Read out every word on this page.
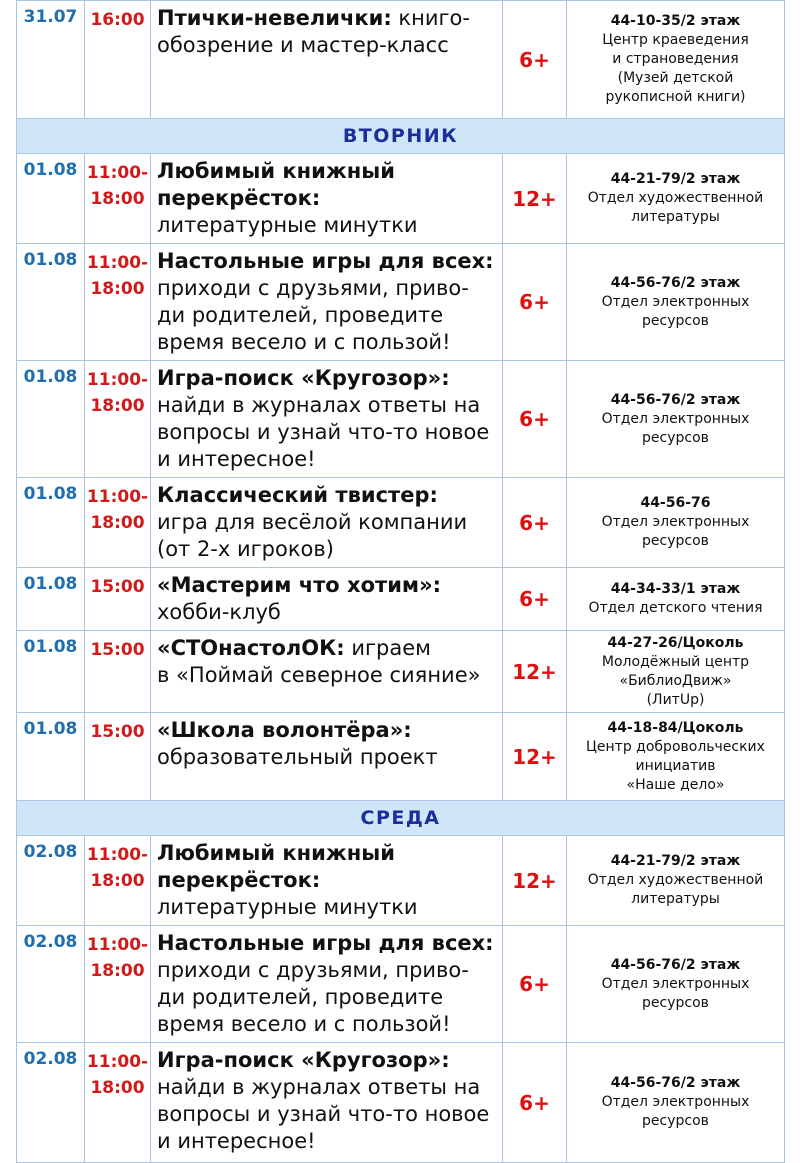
31.07	16:00	Птички-невелички: книго-
обозрение и мастер-класс	6+	44-10-35/2 этаж
Центр краеведения
и страноведения
(Музей детской
рукописной книги)

ВТОРНИК				
01.08	11:00-
18:00	Любимый книжный
перекрёсток:
литературные минутки	12+	44-21-79/2 этаж
Отдел художественной
литературы

01.08	11:00-
18:00	Настольные игры для всех:
приходи с друзьями, приво-
ди родителей, проведите
время весело и с пользой!	6+	44-56-76/2 этаж
Отдел электронных
ресурсов

01.08	11:00-
18:00	Игра-поиск «Кругозор»:
найди в журналах ответы на
вопросы и узнай что-то новое
и интересное!	6+	44-56-76/2 этаж
Отдел электронных
ресурсов

01.08	11:00-
18:00	Классический твистер:
игра для весёлой компании
(от 2-х игроков)	6+	44-56-76
Отдел электронных
ресурсов

01.08	15:00	«Мастерим что хотим»:
хобби-клуб	6+	44-34-33/1 этаж
Отдел детского чтения

01.08	15:00	«СТОнастолОК: играем
в «Поймай северное сияние»	12+	44-27-26/Цоколь
Молодёжный центр
«БиблиоДвиж»
(ЛитUp)

01.08	15:00	«Школа волонтёра»:
образовательный проект	12+	44-18-84/Цоколь
Центр добровольческих
инициатив
«Наше дело»

СРЕДА				
02.08	11:00-
18:00	Любимый книжный
перекрёсток:
литературные минутки	12+	44-21-79/2 этаж
Отдел художественной
литературы

02.08	11:00-
18:00	Настольные игры для всех:
приходи с друзьями, приво-
ди родителей, проведите
время весело и с пользой!	6+	44-56-76/2 этаж
Отдел электронных
ресурсов

02.08	11:00-
18:00	Игра-поиск «Кругозор»:
найди в журналах ответы на
вопросы и узнай что-то новое
и интересное!	6+	44-56-76/2 этаж
Отдел электронных
ресурсов
